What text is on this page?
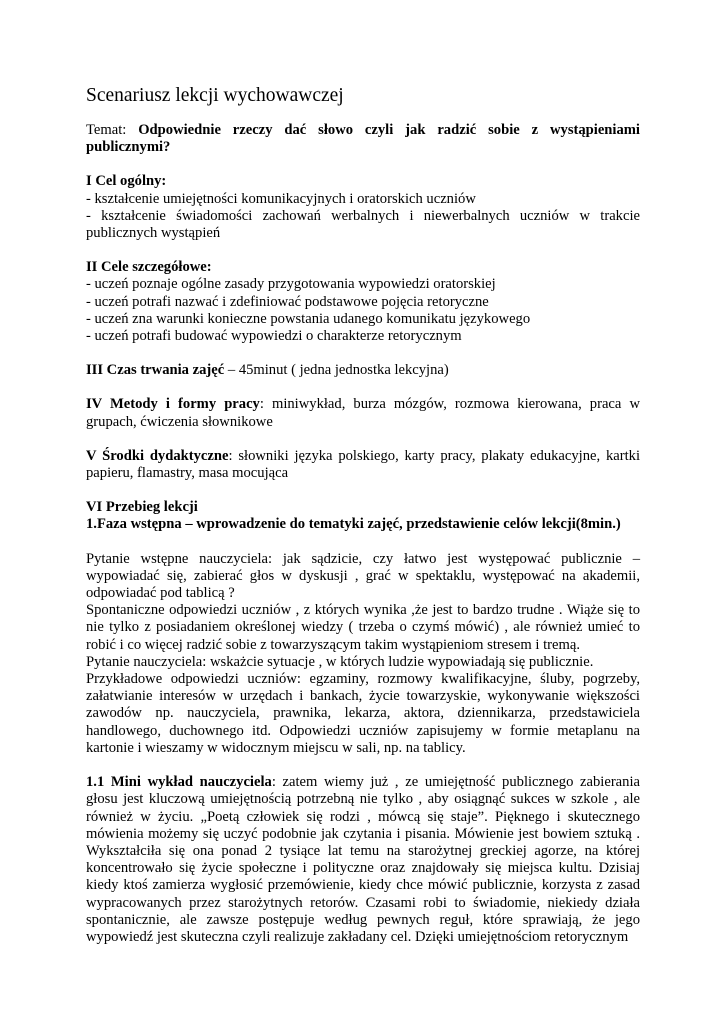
Scenariusz lekcji wychowawczej

Temat: Odpowiednie rzeczy dać słowo czyli jak radzić sobie z wystąpieniami publicznymi?

I Cel ogólny:
- kształcenie umiejętności komunikacyjnych i oratorskich uczniów
- kształcenie świadomości zachowań werbalnych i niewerbalnych uczniów w trakcie publicznych wystąpień
II Cele szczegółowe:
- uczeń poznaje ogólne zasady przygotowania wypowiedzi oratorskiej
- uczeń potrafi nazwać i zdefiniować podstawowe pojęcia retoryczne
- uczeń zna warunki konieczne powstania udanego komunikatu językowego
- uczeń potrafi budować wypowiedzi o charakterze retorycznym

III Czas trwania zajęć – 45minut ( jedna jednostka lekcyjna)

IV Metody i formy pracy: miniwykład, burza mózgów, rozmowa kierowana, praca w grupach, ćwiczenia słownikowe

V Środki dydaktyczne: słowniki języka polskiego, karty pracy, plakaty edukacyjne, kartki papieru, flamastry, masa mocująca

VI Przebieg lekcji
1.Faza wstępna – wprowadzenie do tematyki zajęć, przedstawienie celów lekcji(8min.)

Pytanie wstępne nauczyciela: jak sądzicie, czy łatwo jest występować publicznie – wypowiadać się, zabierać głos w dyskusji , grać w spektaklu, występować na akademii, odpowiadać pod tablicą ?

Spontaniczne odpowiedzi uczniów , z których wynika ,że jest to bardzo trudne . Wiąże się to nie tylko z posiadaniem określonej wiedzy ( trzeba o czymś mówić) , ale również umieć to robić i co więcej radzić sobie z towarzyszącym takim wystąpieniom stresem i tremą.

Pytanie nauczyciela: wskażcie sytuacje , w których ludzie wypowiadają się publicznie.

Przykładowe odpowiedzi uczniów: egzaminy, rozmowy kwalifikacyjne, śluby, pogrzeby, załatwianie interesów w urzędach i bankach, życie towarzyskie, wykonywanie większości zawodów np. nauczyciela, prawnika, lekarza, aktora, dziennikarza, przedstawiciela handlowego, duchownego itd. Odpowiedzi uczniów zapisujemy w formie metaplanu na kartonie i wieszamy w widocznym miejscu w sali, np. na tablicy.

1.1 Mini wykład nauczyciela: zatem wiemy już , ze umiejętność publicznego zabierania głosu jest kluczową umiejętnością potrzebną nie tylko , aby osiągnąć sukces w szkole , ale również w życiu. „Poetą człowiek się rodzi , mówcą się staje”. Pięknego i skutecznego mówienia możemy się uczyć podobnie jak czytania i pisania. Mówienie jest bowiem sztuką . Wykształciła się ona ponad 2 tysiące lat temu na starożytnej greckiej agorze, na której koncentrowało się życie społeczne i polityczne oraz znajdowały się miejsca kultu. Dzisiaj kiedy ktoś zamierza wygłosić przemówienie, kiedy chce mówić publicznie, korzysta z zasad wypracowanych przez starożytnych retorów. Czasami robi to świadomie, niekiedy działa spontanicznie, ale zawsze postępuje według pewnych reguł, które sprawiają, że jego wypowiedź jest skuteczna czyli realizuje zakładany cel. Dzięki umiejętnościom retorycznym
